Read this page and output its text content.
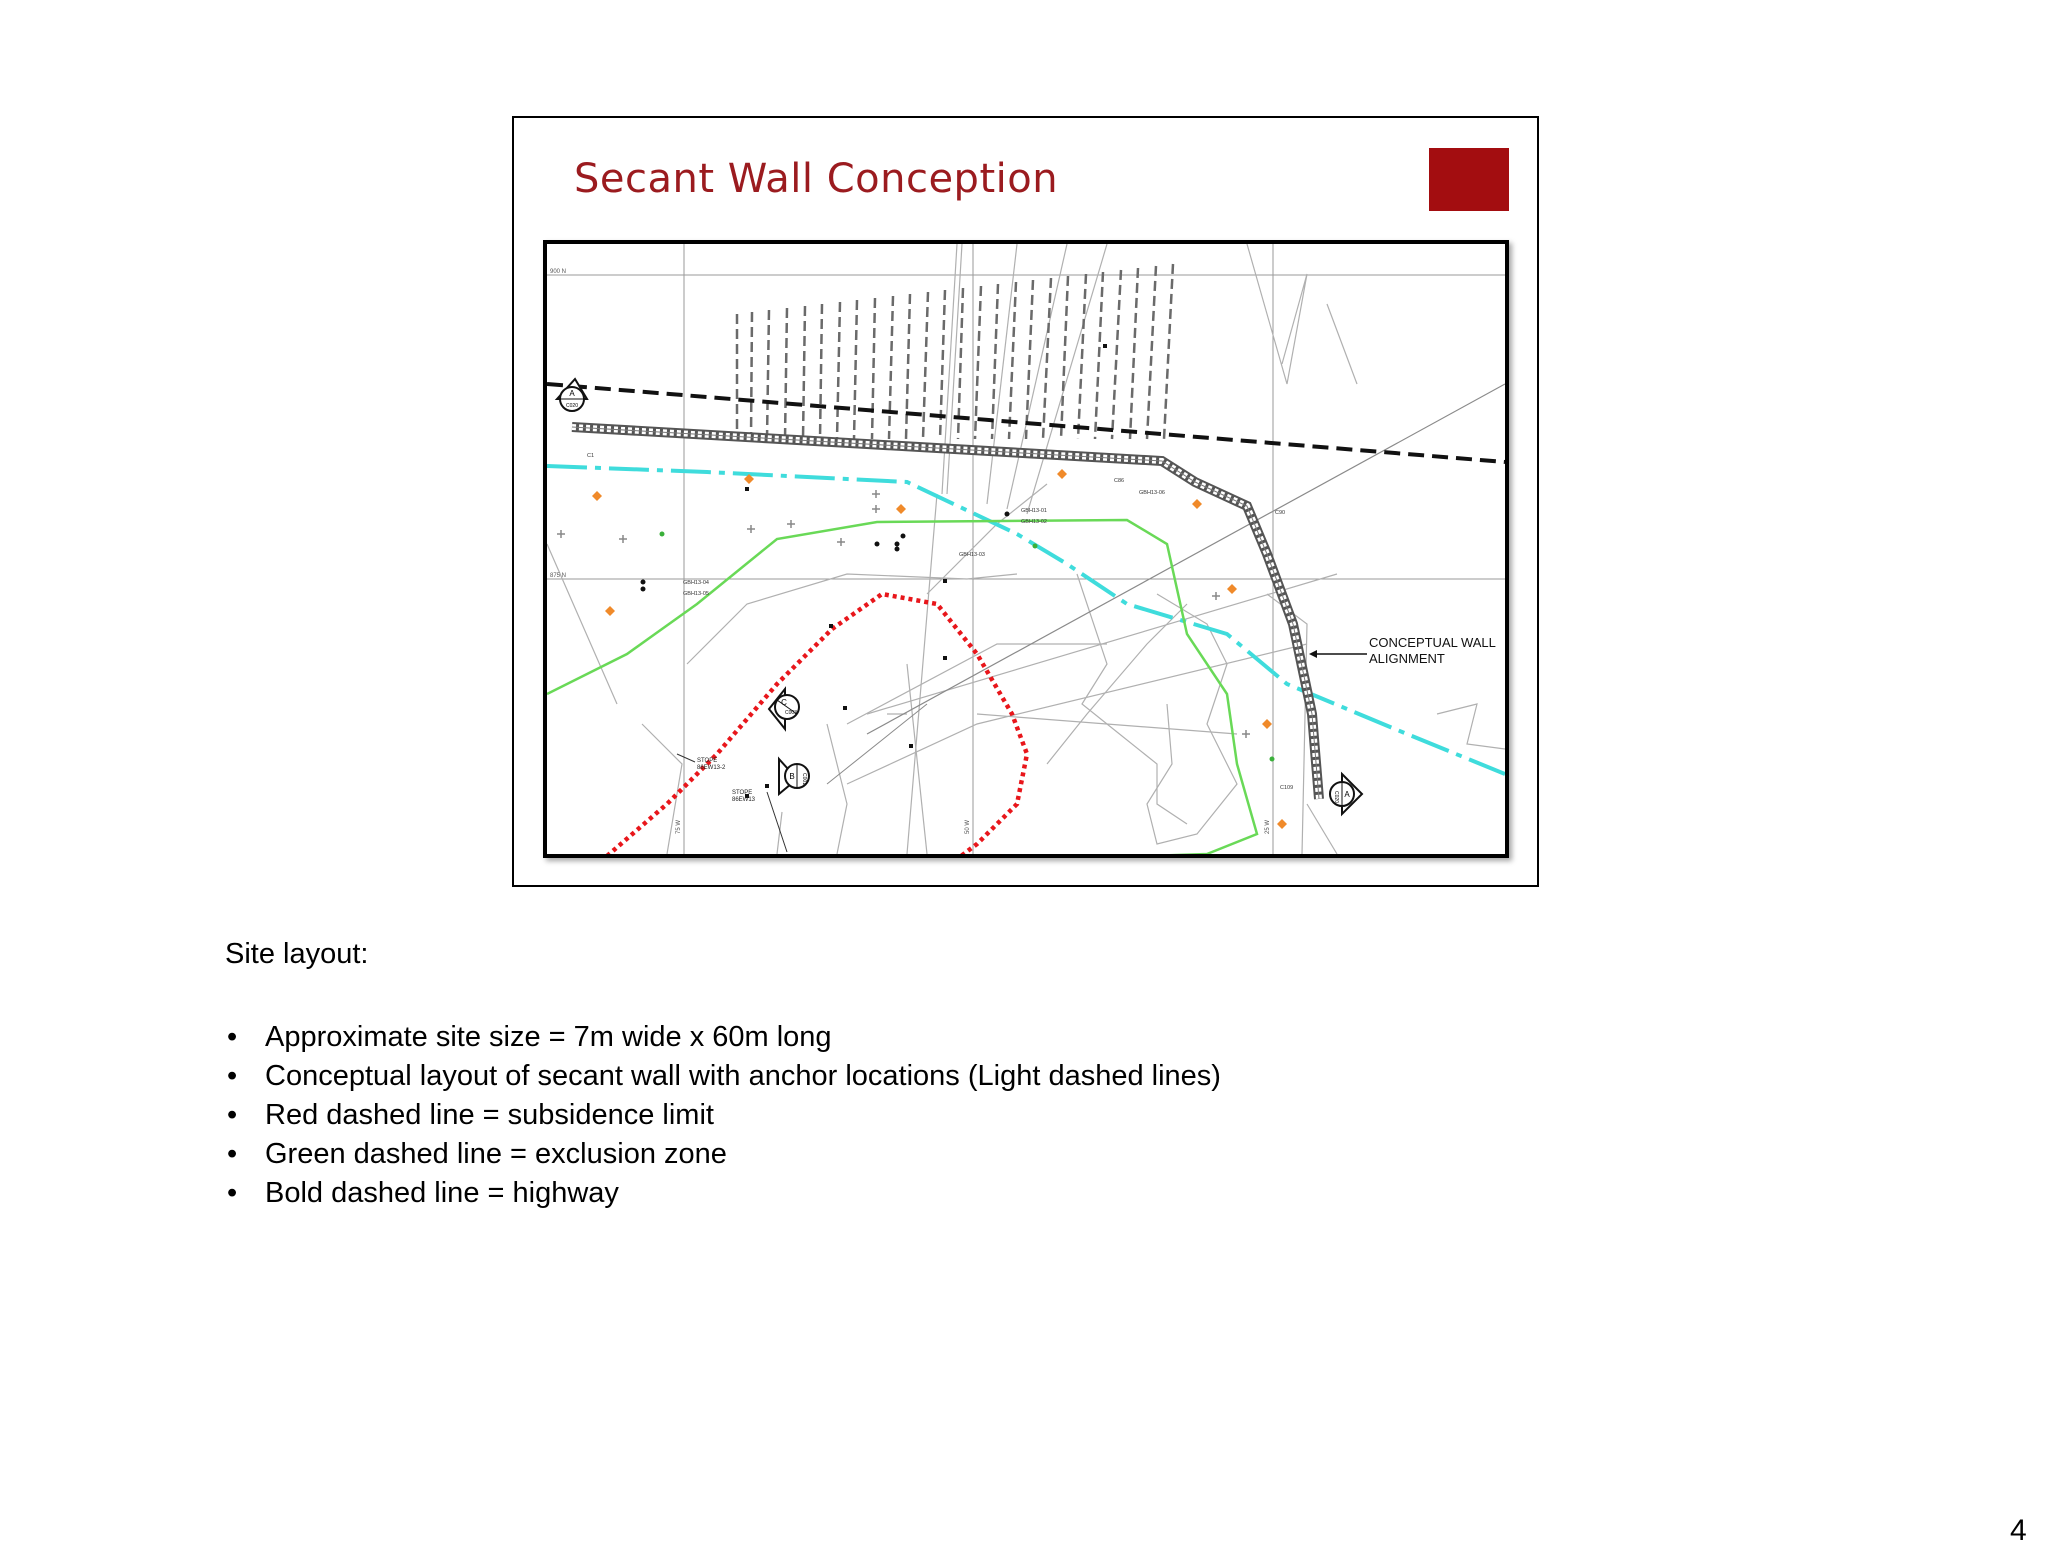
Secant Wall Conception
900 N
875 N
75 W	50 W	25 W
GBH13-01
GBH13-02
GBH13-03
GBH13-04
GBH13-05
GBH13-06
C1
C86
C90
C109
STOPE
86EW13-2
STOPE
86EW13
A
C020
A
C020
B C001
C
C003
CONCEPTUAL WALL
ALIGNMENT
Site layout:
• Approximate site size = 7m wide x 60m long
• Conceptual layout of secant wall with anchor locations (Light dashed lines)
• Red dashed line = subsidence limit
• Green dashed line = exclusion zone
• Bold dashed line = highway
4
